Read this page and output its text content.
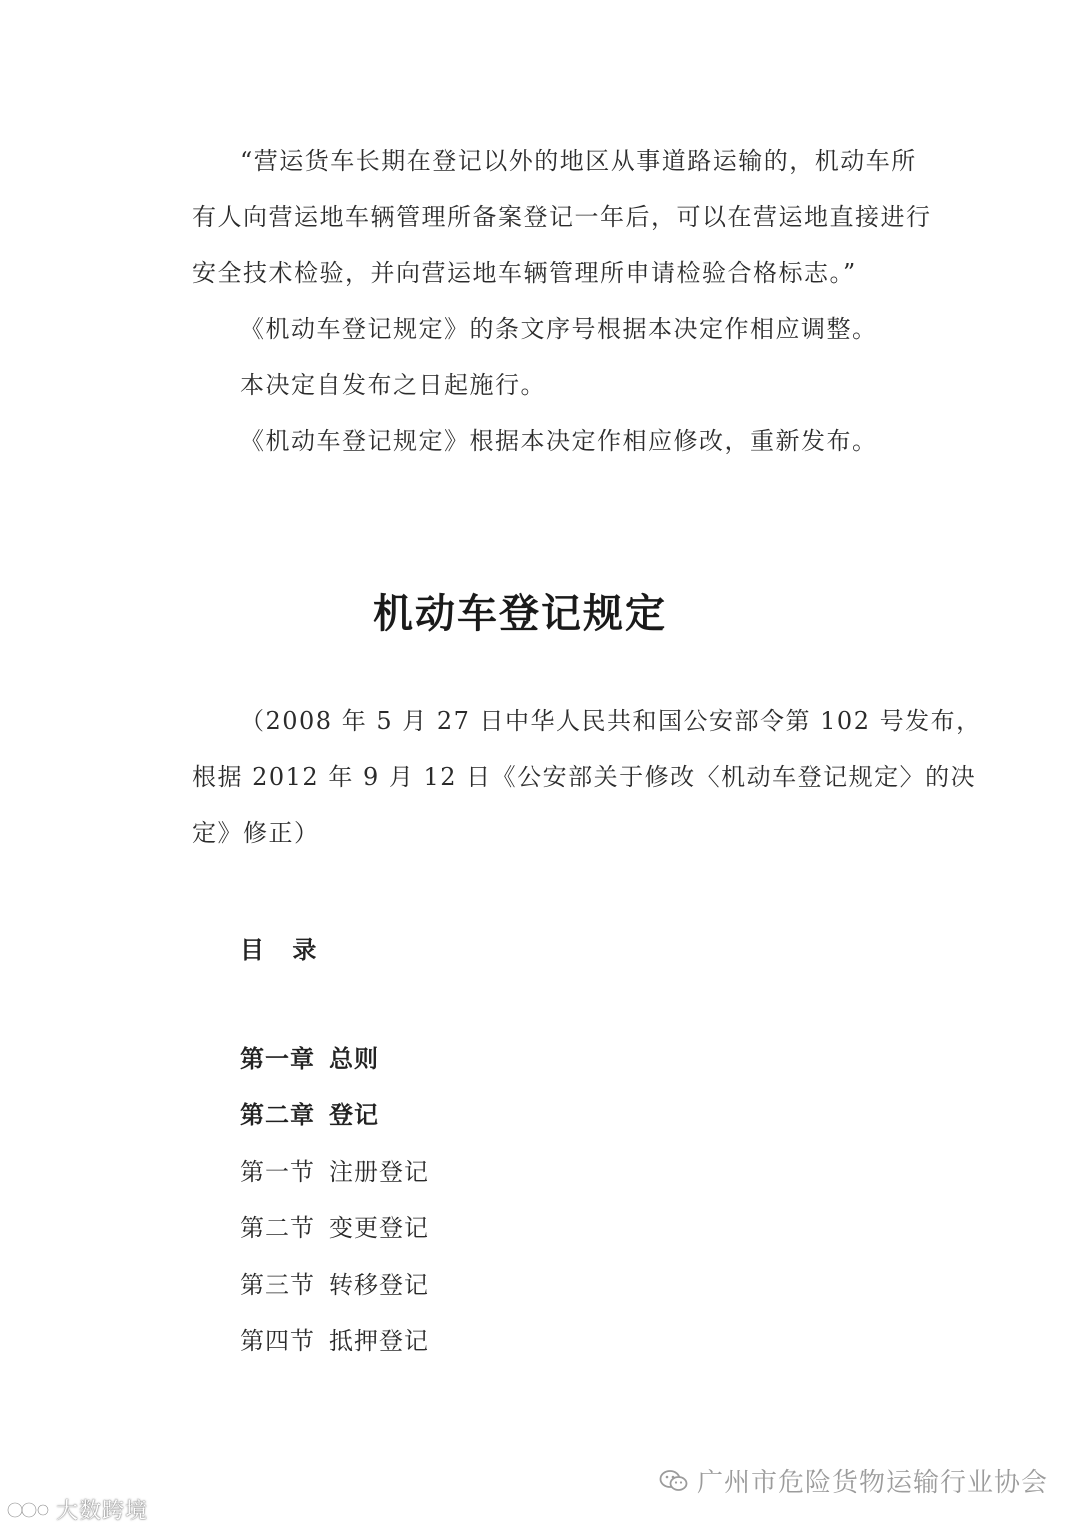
“营运货车长期在登记以外的地区从事道路运输的，机动车所
有人向营运地车辆管理所备案登记一年后，可以在营运地直接进行
安全技术检验，并向营运地车辆管理所申请检验合格标志。”
《机动车登记规定》的条文序号根据本决定作相应调整。
本决定自发布之日起施行。
《机动车登记规定》根据本决定作相应修改，重新发布。
机动车登记规定
（2008 年 5 月 27 日中华人民共和国公安部令第 102 号发布，
根据 2012 年 9 月 12 日《公安部关于修改〈机动车登记规定〉的决
定》修正）
目 录
第一章 总则
第二章 登记
第一节 注册登记
第二节 变更登记
第三节 转移登记
第四节 抵押登记
广州市危险货物运输行业协会
大数跨境
